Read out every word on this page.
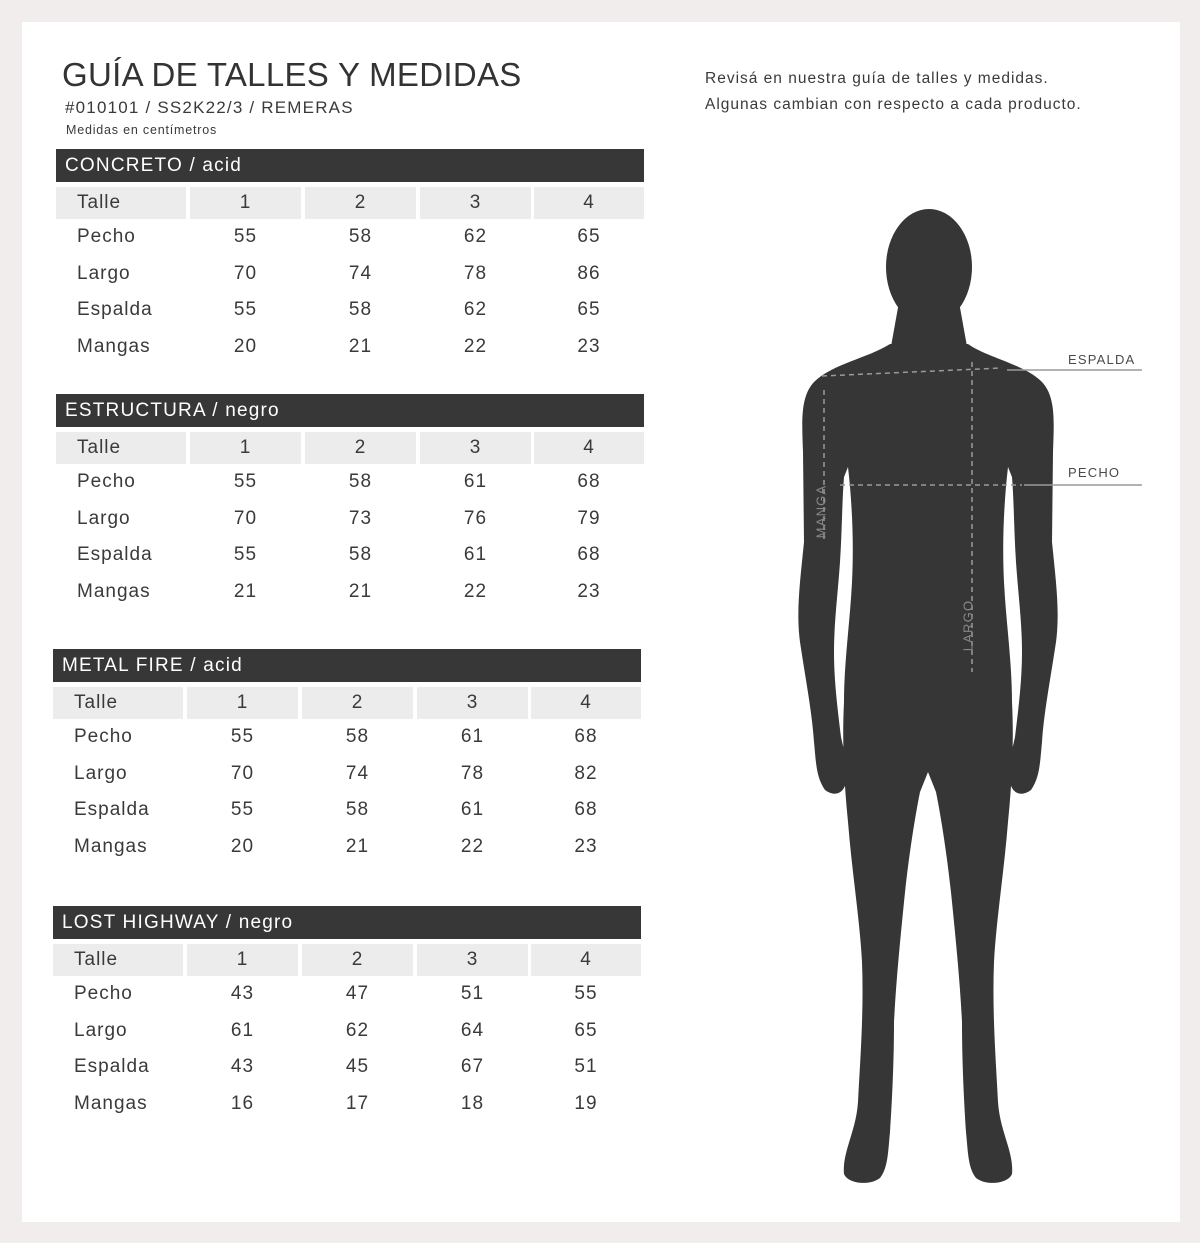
GUÍA DE TALLES Y MEDIDAS
#010101 / SS2K22/3 / REMERAS
Medidas en centímetros
Revisá en nuestra guía de talles y medidas.
Algunas cambian con respecto a cada producto.
CONCRETO / acid
Talle	1	2	3	4
Pecho	55	58	62	65
Largo	70	74	78	86
Espalda	55	58	62	65
Mangas	20	21	22	23
ESTRUCTURA / negro
Talle	1	2	3	4
Pecho	55	58	61	68
Largo	70	73	76	79
Espalda	55	58	61	68
Mangas	21	21	22	23
METAL FIRE / acid
Talle	1	2	3	4
Pecho	55	58	61	68
Largo	70	74	78	82
Espalda	55	58	61	68
Mangas	20	21	22	23
LOST HIGHWAY / negro
Talle	1	2	3	4
Pecho	43	47	51	55
Largo	61	62	64	65
Espalda	43	45	67	51
Mangas	16	17	18	19
ESPALDA
PECHO
MANGA
LARGO
